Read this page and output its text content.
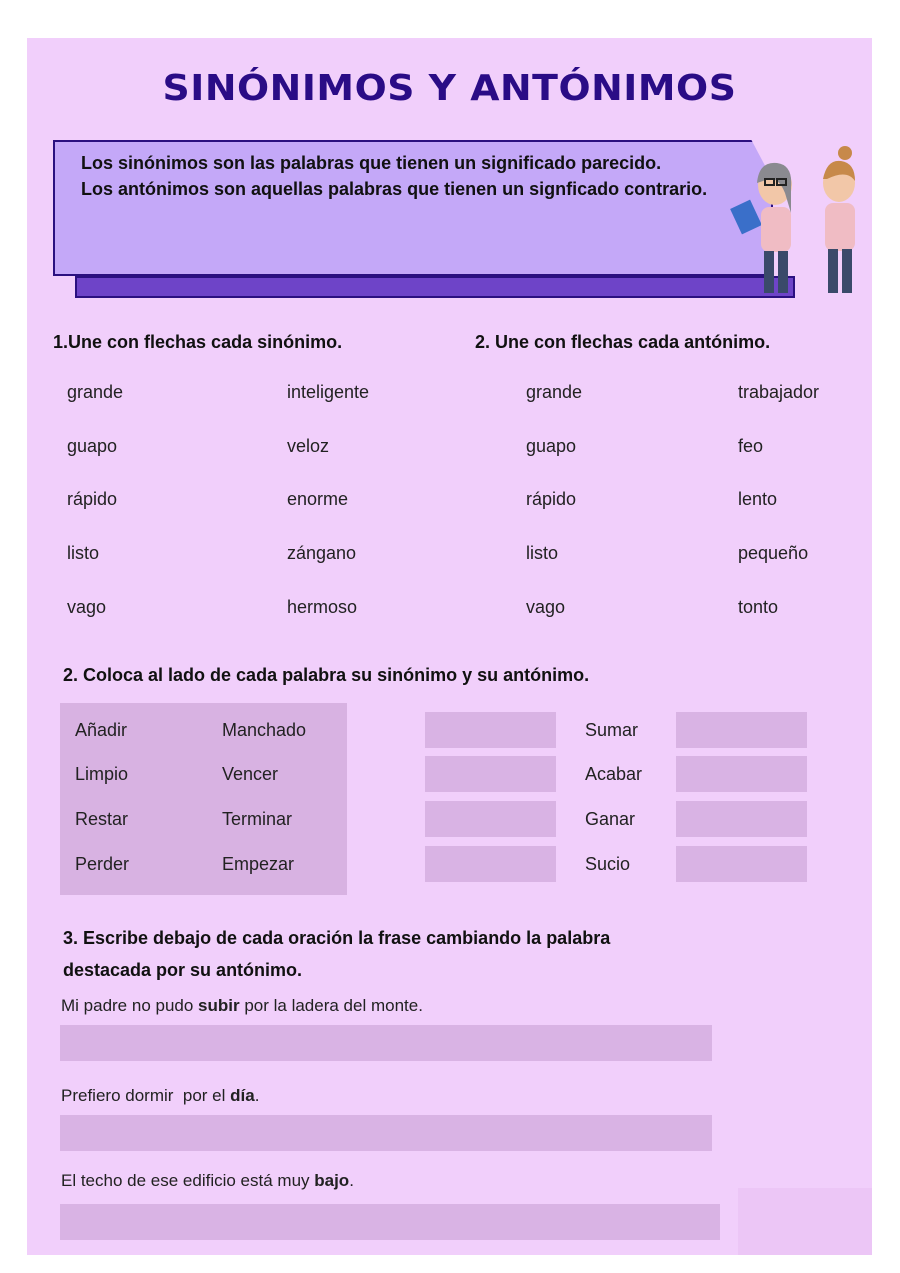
SINÓNIMOS Y ANTÓNIMOS
Los sinónimos son las palabras que tienen un significado parecido.
Los antónimos son aquellas palabras que tienen un signficado contrario.
1.Une con flechas cada sinónimo.	2. Une con flechas cada antónimo.
grande	inteligente	grande	trabajador
guapo	veloz	guapo	feo
rápido	enorme	rápido	lento
listo	zángano	listo	pequeño
vago	hermoso	vago	tonto
2. Coloca al lado de cada palabra su sinónimo y su antónimo.
Añadir	Manchado	Sumar
Limpio	Vencer	Acabar
Restar	Terminar	Ganar
Perder	Empezar	Sucio
3. Escribe debajo de cada oración la frase cambiando la palabra
destacada por su antónimo.
Mi padre no pudo subir por la ladera del monte.
Prefiero dormir  por el día.
El techo de ese edificio está muy bajo.
